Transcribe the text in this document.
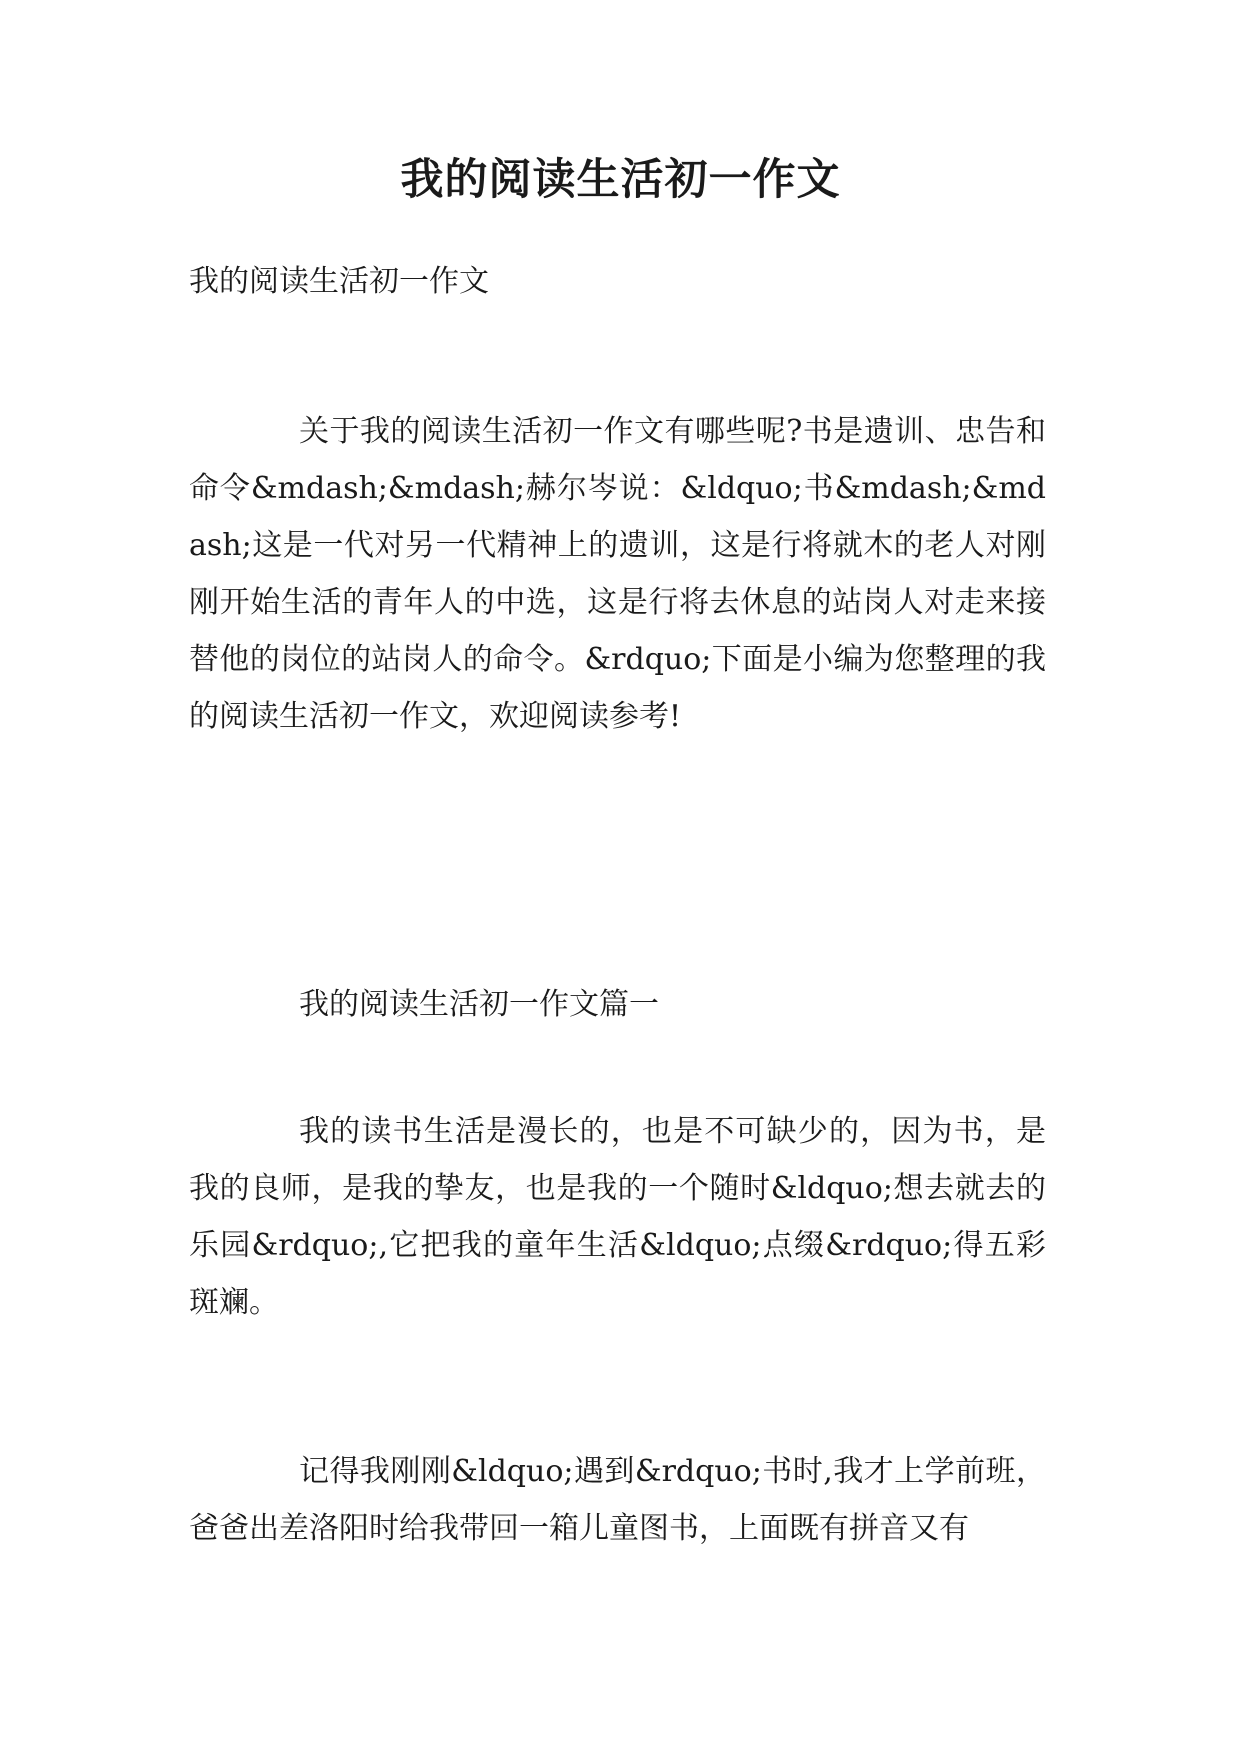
我的阅读生活初一作文

我的阅读生活初一作文

关于我的阅读生活初一作文有哪些呢?书是遗训、忠告和命令&mdash;&mdash;赫尔岑说：&ldquo;书&mdash;&mdash;这是一代对另一代精神上的遗训，这是行将就木的老人对刚刚开始生活的青年人的中选，这是行将去休息的站岗人对走来接替他的岗位的站岗人的命令。&rdquo;下面是小编为您整理的我的阅读生活初一作文，欢迎阅读参考!

我的阅读生活初一作文篇一

我的读书生活是漫长的，也是不可缺少的，因为书，是我的良师，是我的挚友，也是我的一个随时&ldquo;想去就去的乐园&rdquo;,它把我的童年生活&ldquo;点缀&rdquo;得五彩斑斓。

记得我刚刚&ldquo;遇到&rdquo;书时,我才上学前班，爸爸出差洛阳时给我带回一箱儿童图书，上面既有拼音又有
